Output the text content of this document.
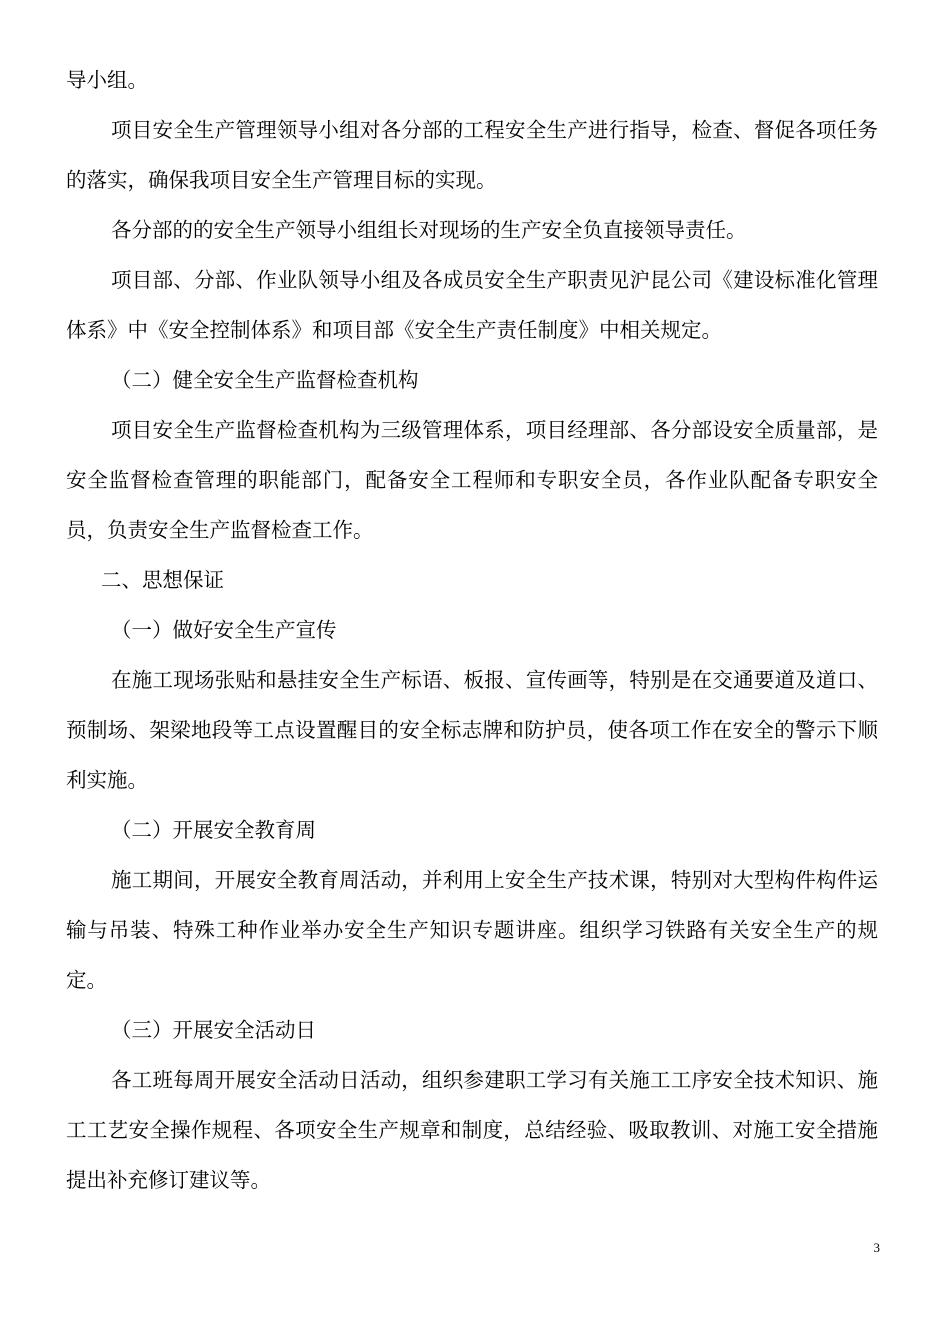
导小组。

项目安全生产管理领导小组对各分部的工程安全生产进行指导，检查、督促各项任务的落实，确保我项目安全生产管理目标的实现。

各分部的的安全生产领导小组组长对现场的生产安全负直接领导责任。

项目部、分部、作业队领导小组及各成员安全生产职责见沪昆公司《建设标准化管理体系》中《安全控制体系》和项目部《安全生产责任制度》中相关规定。

（二）健全安全生产监督检查机构

项目安全生产监督检查机构为三级管理体系，项目经理部、各分部设安全质量部，是安全监督检查管理的职能部门，配备安全工程师和专职安全员，各作业队配备专职安全员，负责安全生产监督检查工作。

二、思想保证

（一）做好安全生产宣传

在施工现场张贴和悬挂安全生产标语、板报、宣传画等，特别是在交通要道及道口、预制场、架梁地段等工点设置醒目的安全标志牌和防护员，使各项工作在安全的警示下顺利实施。

（二）开展安全教育周

施工期间，开展安全教育周活动，并利用上安全生产技术课，特别对大型构件构件运输与吊装、特殊工种作业举办安全生产知识专题讲座。组织学习铁路有关安全生产的规定。

（三）开展安全活动日

各工班每周开展安全活动日活动，组织参建职工学习有关施工工序安全技术知识、施工工艺安全操作规程、各项安全生产规章和制度，总结经验、吸取教训、对施工安全措施提出补充修订建议等。

3
